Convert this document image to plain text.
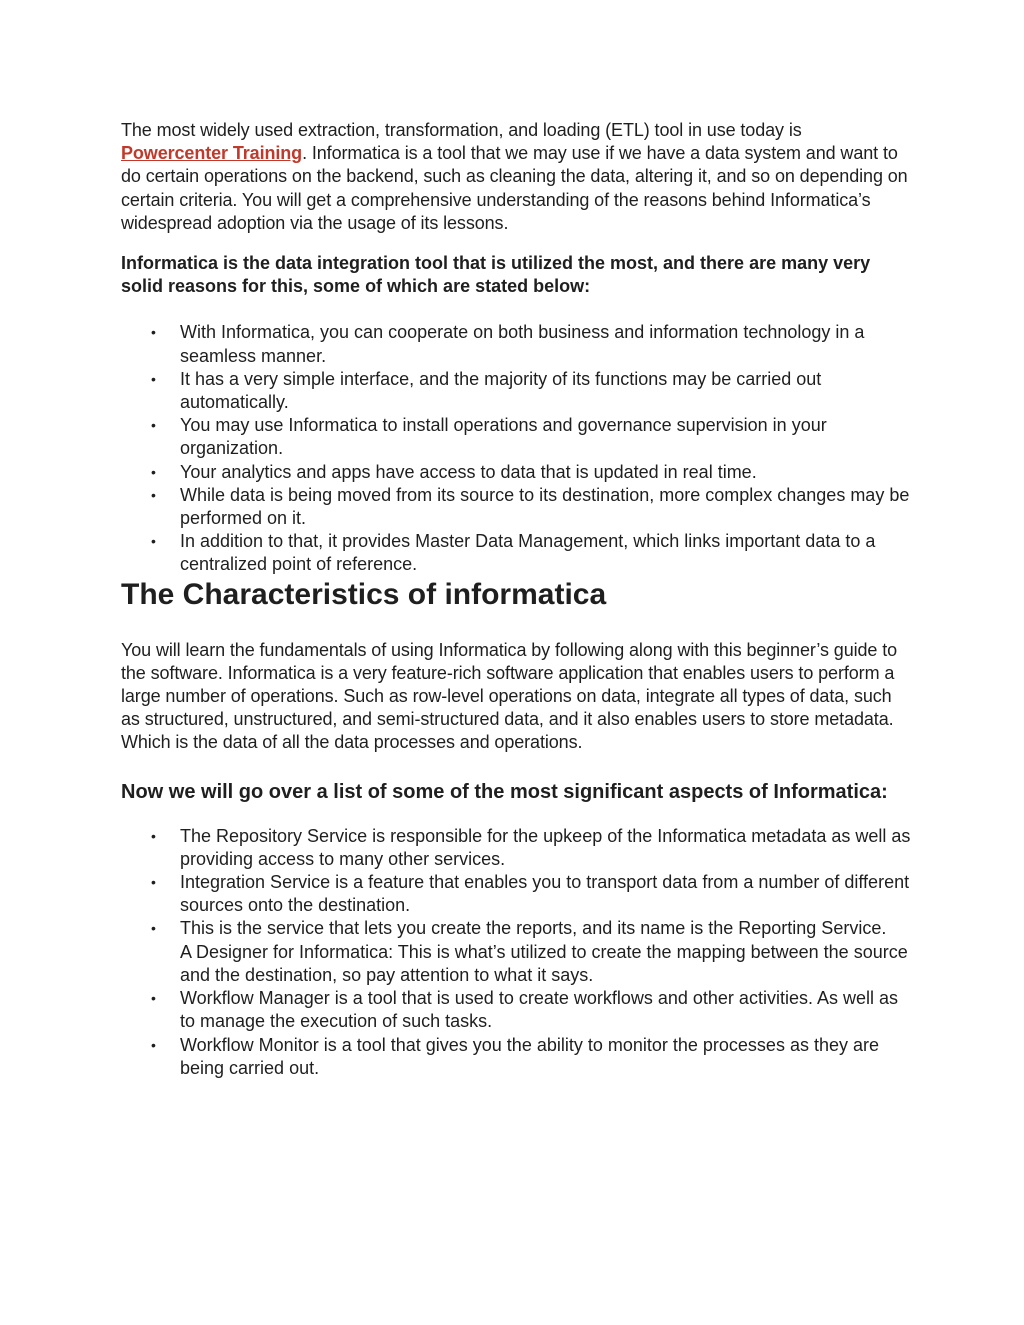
The most widely used extraction, transformation, and loading (ETL) tool in use today is Powercenter Training. Informatica is a tool that we may use if we have a data system and want to do certain operations on the backend, such as cleaning the data, altering it, and so on depending on certain criteria. You will get a comprehensive understanding of the reasons behind Informatica’s widespread adoption via the usage of its lessons.

Informatica is the data integration tool that is utilized the most, and there are many very solid reasons for this, some of which are stated below:

• With Informatica, you can cooperate on both business and information technology in a seamless manner.
• It has a very simple interface, and the majority of its functions may be carried out automatically.
• You may use Informatica to install operations and governance supervision in your organization.
• Your analytics and apps have access to data that is updated in real time.
• While data is being moved from its source to its destination, more complex changes may be performed on it.
• In addition to that, it provides Master Data Management, which links important data to a centralized point of reference.
The Characteristics of informatica

You will learn the fundamentals of using Informatica by following along with this beginner’s guide to the software. Informatica is a very feature-rich software application that enables users to perform a large number of operations. Such as row-level operations on data, integrate all types of data, such as structured, unstructured, and semi-structured data, and it also enables users to store metadata. Which is the data of all the data processes and operations.

Now we will go over a list of some of the most significant aspects of Informatica:
• The Repository Service is responsible for the upkeep of the Informatica metadata as well as providing access to many other services.
• Integration Service is a feature that enables you to transport data from a number of different sources onto the destination.
• This is the service that lets you create the reports, and its name is the Reporting Service.
A Designer for Informatica: This is what’s utilized to create the mapping between the source and the destination, so pay attention to what it says.
• Workflow Manager is a tool that is used to create workflows and other activities. As well as to manage the execution of such tasks.
• Workflow Monitor is a tool that gives you the ability to monitor the processes as they are being carried out.
